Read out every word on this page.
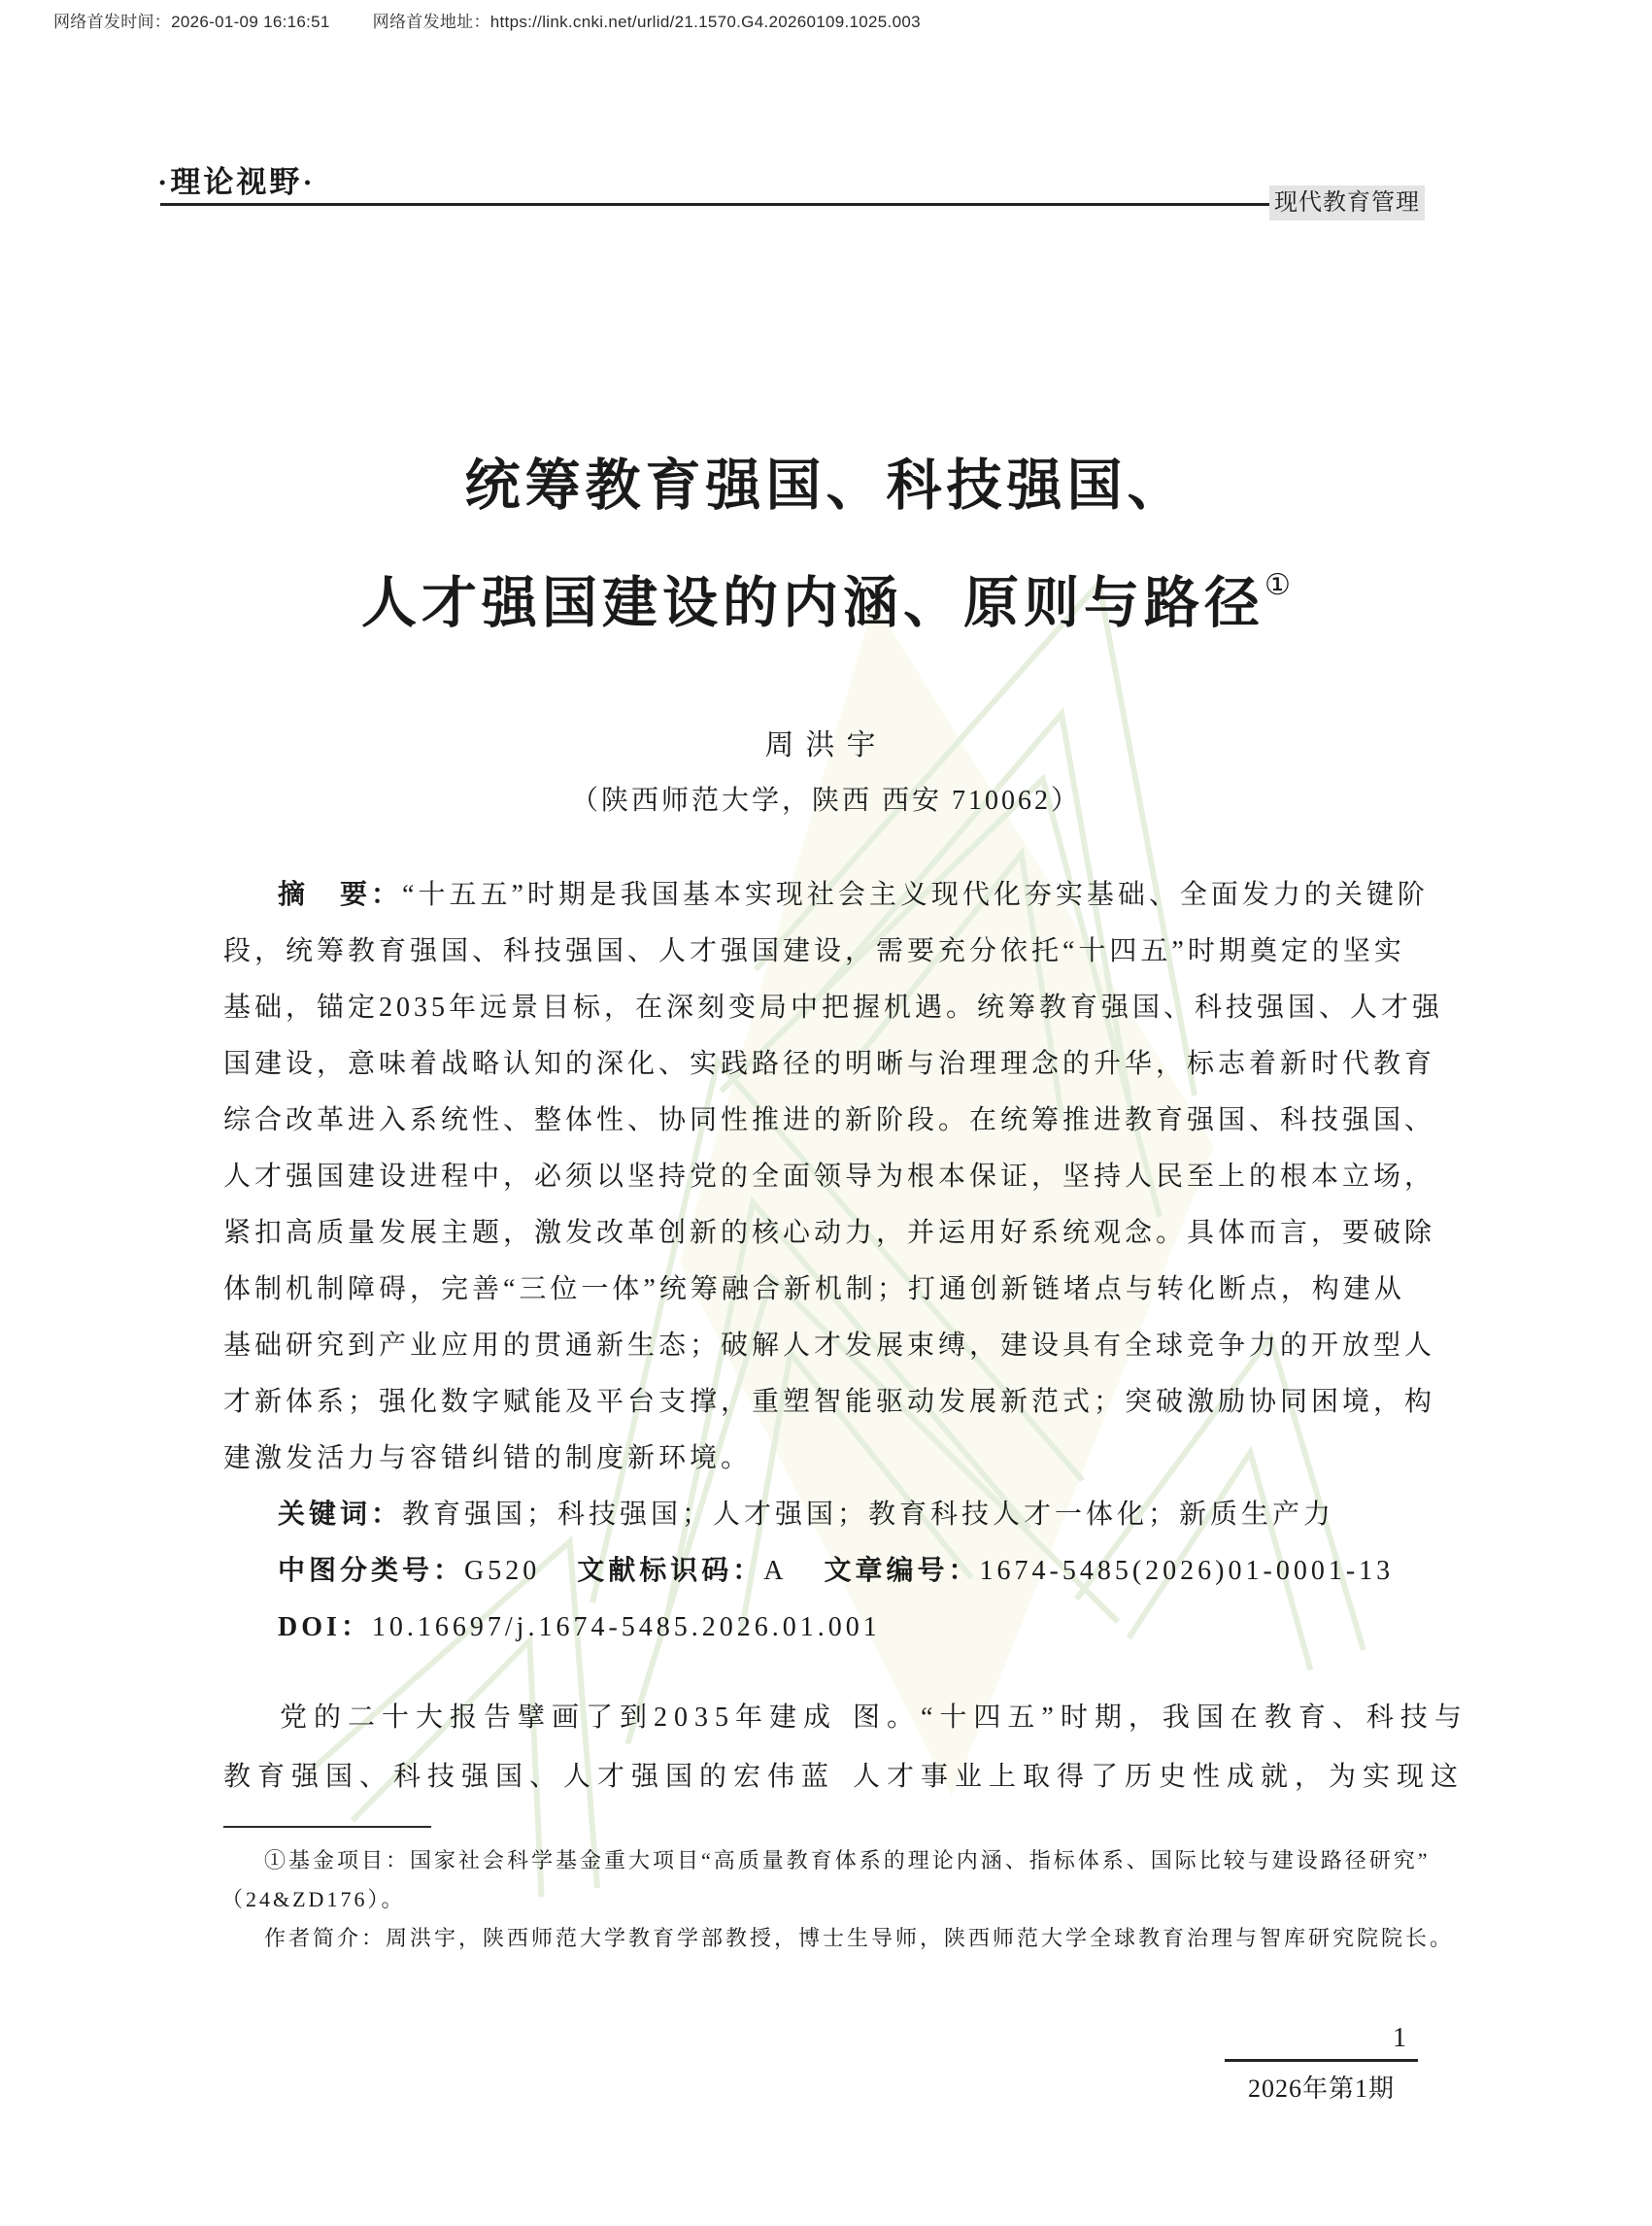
网络首发时间：2026-01-09 16:16:51	网络首发地址：https://link.cnki.net/urlid/21.1570.G4.20260109.1025.003
·理论视野·
现代教育管理
统筹教育强国、科技强国、
人才强国建设的内涵、原则与路径①
周洪宇
（陕西师范大学，陕西 西安 710062）
摘　要：“十五五”时期是我国基本实现社会主义现代化夯实基础、全面发力的关键阶
段，统筹教育强国、科技强国、人才强国建设，需要充分依托“十四五”时期奠定的坚实
基础，锚定2035年远景目标，在深刻变局中把握机遇。统筹教育强国、科技强国、人才强
国建设，意味着战略认知的深化、实践路径的明晰与治理理念的升华，标志着新时代教育
综合改革进入系统性、整体性、协同性推进的新阶段。在统筹推进教育强国、科技强国、
人才强国建设进程中，必须以坚持党的全面领导为根本保证，坚持人民至上的根本立场，
紧扣高质量发展主题，激发改革创新的核心动力，并运用好系统观念。具体而言，要破除
体制机制障碍，完善“三位一体”统筹融合新机制；打通创新链堵点与转化断点，构建从
基础研究到产业应用的贯通新生态；破解人才发展束缚，建设具有全球竞争力的开放型人
才新体系；强化数字赋能及平台支撑，重塑智能驱动发展新范式；突破激励协同困境，构
建激发活力与容错纠错的制度新环境。
关键词：教育强国；科技强国；人才强国；教育科技人才一体化；新质生产力
中图分类号：G520 文献标识码：A 文章编号：1674-5485(2026)01-0001-13
DOI：10.16697/j.1674-5485.2026.01.001
党的二十大报告擘画了到2035年建成
教育强国、科技强国、人才强国的宏伟蓝
图。“十四五”时期，我国在教育、科技与
人才事业上取得了历史性成就，为实现这
①基金项目：国家社会科学基金重大项目“高质量教育体系的理论内涵、指标体系、国际比较与建设路径研究”
（24&ZD176）。
作者简介：周洪宇，陕西师范大学教育学部教授，博士生导师，陕西师范大学全球教育治理与智库研究院院长。
1
2026年第1期
